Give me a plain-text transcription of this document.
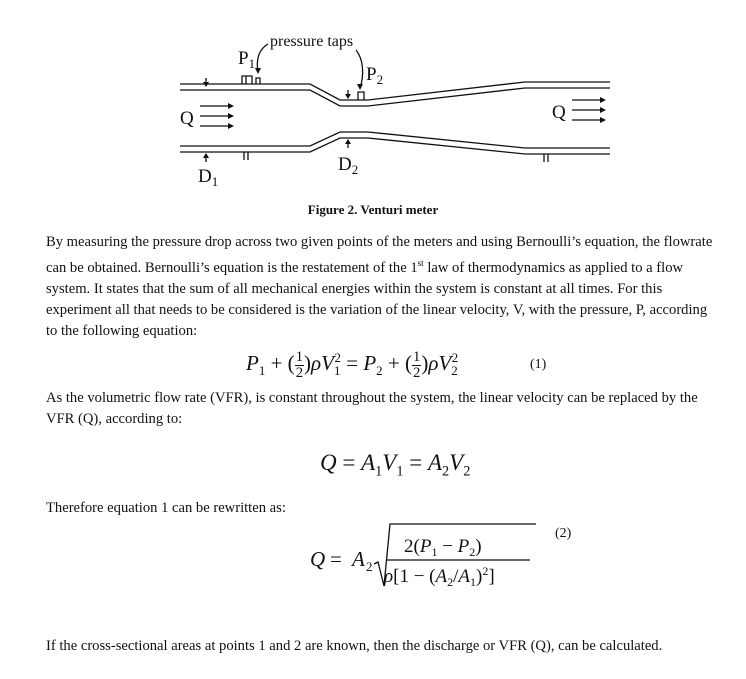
$P_1$
pressure taps
$P_2$
Q	Q
$D_1$
$D_2$
Figure 2. Venturi meter

By measuring the pressure drop across two given points of the meters and using Bernoulli’s equation, the flowrate can be obtained. Bernoulli’s equation is the restatement of the 1st law of thermodynamics as applied to a flow system. It states that the sum of all mechanical energies within the system is constant at all times. For this experiment all that needs to be considered is the variation of the linear velocity, V, with the pressure, P, according to the following equation:

$P_1$ + ( $\frac{1}{2} )\rho V_1^2 = P_2$ + ( $\frac{1}{2} )\rho V_2^2$	(1)

As the volumetric flow rate (VFR), is constant throughout the system, the linear velocity can be replaced by the VFR (Q), according to:

$Q = A_1V_1 = A_2V_2$

Therefore equation 1 can be rewritten as:

Q = A 2
$2(P_1 - P_2)$
$\rho[1 - (A_2/A_1)^2]$
(2)

If the cross-sectional areas at points 1 and 2 are known, then the discharge or VFR (Q), can be calculated.
